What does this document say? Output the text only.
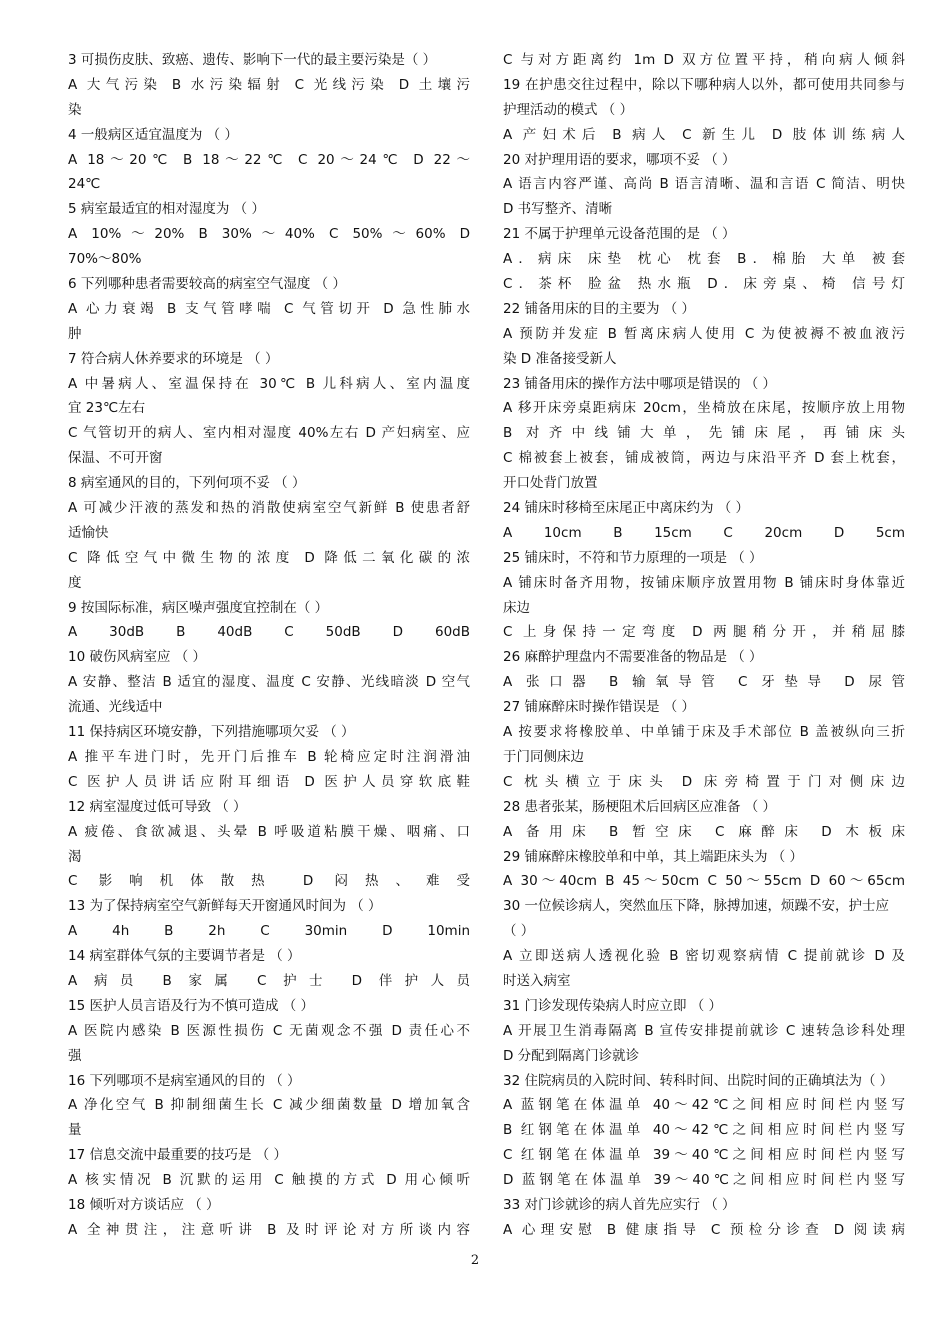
3 可损伤皮肤、致癌、遗传、影响下一代的最主要污染是（ ）
A 大气污染 B 水污染辐射 C 光线污染 D 土壤污
染
4 一般病区适宜温度为 （ ）
A 18～20℃ B 18～22℃ C 20～24℃ D 22～
24℃
5 病室最适宜的相对湿度为 （ ）
A 10%～20% B 30%～40% C 50%～60% D
70%～80%
6 下列哪种患者需要较高的病室空气湿度 （ ）
A 心力衰竭 B 支气管哮喘 C 气管切开 D 急性肺水
肿
7 符合病人休养要求的环境是 （ ）
A 中暑病人、室温保持在 30℃ B 儿科病人、室内温度
宜 23℃左右
C 气管切开的病人、室内相对湿度 40%左右 D 产妇病室、应
保温、不可开窗
8 病室通风的目的，下列何项不妥 （ ）
A 可减少汗液的蒸发和热的消散使病室空气新鲜 B 使患者舒
适愉快
C 降低空气中微生物的浓度 D 降低二氧化碳的浓
度
9 按国际标准，病区噪声强度宜控制在（ ）
A 30dB B 40dB C 50dB D 60dB
10 破伤风病室应 （ ）
A 安静、整洁 B 适宜的湿度、温度 C 安静、光线暗淡 D 空气
流通、光线适中
11 保持病区环境安静，下列措施哪项欠妥 （ ）
A 推平车进门时，先开门后推车 B 轮椅应定时注润滑油
C 医护人员讲话应附耳细语 D 医护人员穿软底鞋
12 病室湿度过低可导致 （ ）
A 疲倦、食欲减退、头晕 B 呼吸道粘膜干燥、咽痛、口
渴
C 影响机体散热 D 闷热、难受
13 为了保持病室空气新鲜每天开窗通风时间为 （ ）
A 4h B 2h C 30min D 10min
14 病室群体气氛的主要调节者是 （ ）
A 病员 B 家属 C 护士 D 伴护人员
15 医护人员言语及行为不慎可造成 （ ）
A 医院内感染 B 医源性损伤 C 无菌观念不强 D 责任心不
强
16 下列哪项不是病室通风的目的 （ ）
A 净化空气 B 抑制细菌生长 C 减少细菌数量 D 增加氧含
量
17 信息交流中最重要的技巧是 （ ）
A 核实情况 B 沉默的运用 C 触摸的方式 D 用心倾听
18 倾听对方谈话应 （ ）
A 全神贯注，注意听讲 B 及时评论对方所谈内容
C 与对方距离约 1m D 双方位置平持，稍向病人倾斜
19 在护患交往过程中，除以下哪种病人以外，都可使用共同参与
护理活动的模式 （ ）
A 产妇术后 B 病人 C 新生儿 D 肢体训练病人
20 对护理用语的要求，哪项不妥 （ ）
A 语言内容严谨、高尚 B 语言清晰、温和言语 C 简洁、明快
D 书写整齐、清晰
21 不属于护理单元设备范围的是 （ ）
A．病床 床垫 枕心 枕套 B．棉胎 大单 被套
C．茶杯 脸盆 热水瓶 D．床旁桌、椅 信号灯
22 铺备用床的目的主要为 （ ）
A 预防并发症 B 暂离床病人使用 C 为使被褥不被血液污
染 D 准备接受新人
23 铺备用床的操作方法中哪项是错误的 （ ）
A 移开床旁桌距病床 20cm，坐椅放在床尾，按顺序放上用物
B 对齐中线铺大单，先铺床尾，再铺床头
C 棉被套上被套，铺成被筒，两边与床沿平齐 D 套上枕套，
开口处背门放置
24 铺床时移椅至床尾正中离床约为 （ ）
A 10cm B 15cm C 20cm D 5cm
25 铺床时，不符和节力原理的一项是 （ ）
A 铺床时备齐用物，按铺床顺序放置用物 B 铺床时身体靠近
床边
C 上身保持一定弯度 D 两腿稍分开，并稍屈膝
26 麻醉护理盘内不需要准备的物品是 （ ）
A 张口器 B 输氧导管 C 牙垫导 D 尿管
27 铺麻醉床时操作错误是 （ ）
A 按要求将橡胶单、中单铺于床及手术部位 B 盖被纵向三折
于门同侧床边
C 枕头横立于床头 D 床旁椅置于门对侧床边
28 患者张某，肠梗阻术后回病区应准备 （ ）
A 备用床 B 暂空床 C 麻醉床 D 木板床
29 铺麻醉床橡胶单和中单，其上端距床头为 （ ）
A 30～40cm B 45～50cm C 50～55cm D 60～65cm
30 一位候诊病人，突然血压下降，脉搏加速，烦躁不安，护士应
（ ）
A 立即送病人透视化验 B 密切观察病情 C 提前就诊 D 及
时送入病室
31 门诊发现传染病人时应立即 （ ）
A 开展卫生消毒隔离 B 宣传安排提前就诊 C 速转急诊科处理
D 分配到隔离门诊就诊
32 住院病员的入院时间、转科时间、出院时间的正确填法为（ ）
A 蓝钢笔在体温单 40～42℃之间相应时间栏内竖写
B 红钢笔在体温单 40～42℃之间相应时间栏内竖写
C 红钢笔在体温单 39～40℃之间相应时间栏内竖写
D 蓝钢笔在体温单 39～40℃之间相应时间栏内竖写
33 对门诊就诊的病人首先应实行 （ ）
A 心理安慰 B 健康指导 C 预检分诊查 D 阅读病
2
